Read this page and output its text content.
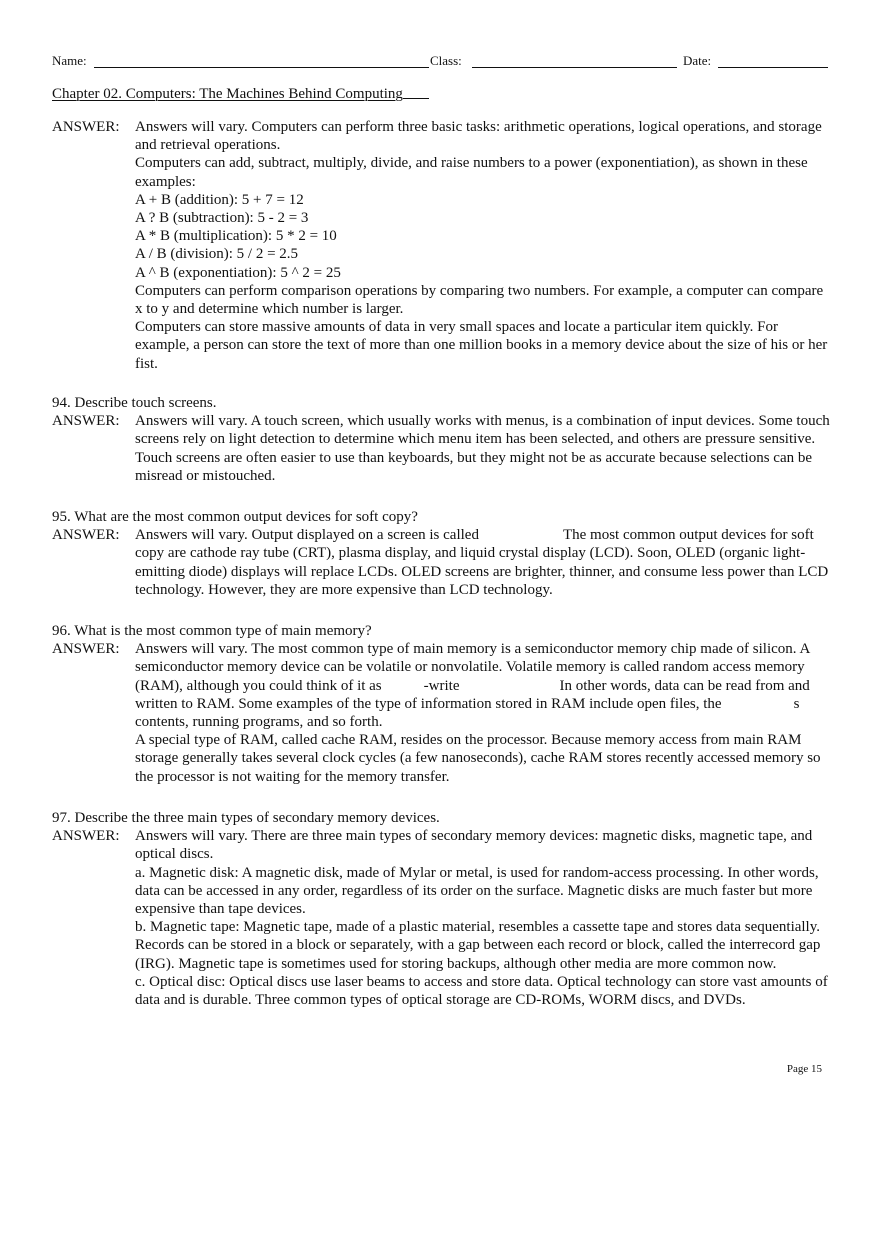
Name:	Class:	Date:
Chapter 02. Computers: The Machines Behind Computing
ANSWER:	Answers will vary. Computers can perform three basic tasks: arithmetic operations, logical operations, and storage and retrieval operations.

Computers can add, subtract, multiply, divide, and raise numbers to a power (exponentiation), as shown in these examples:

A + B (addition): 5 + 7 = 12

A ? B (subtraction): 5 - 2 = 3

A * B (multiplication): 5 * 2 = 10

A / B (division): 5 / 2 = 2.5

A ^ B (exponentiation): 5 ^ 2 = 25

Computers can perform comparison operations by comparing two numbers. For example, a computer can compare x to y and determine which number is larger.

Computers can store massive amounts of data in very small spaces and locate a particular item quickly. For example, a person can store the text of more than one million books in a memory device about the size of his or her fist.

94. Describe touch screens.
ANSWER:	Answers will vary. A touch screen, which usually works with menus, is a combination of input devices. Some touch screens rely on light detection to determine which menu item has been selected, and others are pressure sensitive. Touch screens are often easier to use than keyboards, but they might not be as accurate because selections can be misread or mistouched.

95. What are the most common output devices for soft copy?
ANSWER:	Answers will vary. Output displayed on a screen is called	The most common output devices for soft copy are cathode ray tube (CRT), plasma display, and liquid crystal display (LCD). Soon, OLED (organic light-emitting diode) displays will replace LCDs. OLED screens are brighter, thinner, and consume less power than LCD technology. However, they are more expensive than LCD technology.

96. What is the most common type of main memory?
ANSWER:	Answers will vary. The most common type of main memory is a semiconductor memory chip made of silicon. A semiconductor memory device can be volatile or nonvolatile. Volatile memory is called random access memory (RAM), although you could think of it as	-write	In other words, data can be read from and written to RAM. Some examples of the type of information stored in RAM include open files, the	s contents, running programs, and so forth.

A special type of RAM, called cache RAM, resides on the processor. Because memory access from main RAM storage generally takes several clock cycles (a few nanoseconds), cache RAM stores recently accessed memory so the processor is not waiting for the memory transfer.

97. Describe the three main types of secondary memory devices.
ANSWER:	Answers will vary. There are three main types of secondary memory devices: magnetic disks, magnetic tape, and optical discs.

a. Magnetic disk: A magnetic disk, made of Mylar or metal, is used for random-access processing. In other words, data can be accessed in any order, regardless of its order on the surface. Magnetic disks are much faster but more expensive than tape devices.

b. Magnetic tape: Magnetic tape, made of a plastic material, resembles a cassette tape and stores data sequentially. Records can be stored in a block or separately, with a gap between each record or block, called the interrecord gap (IRG). Magnetic tape is sometimes used for storing backups, although other media are more common now.

c. Optical disc: Optical discs use laser beams to access and store data. Optical technology can store vast amounts of data and is durable. Three common types of optical storage are CD-ROMs, WORM discs, and DVDs.

Page 15
